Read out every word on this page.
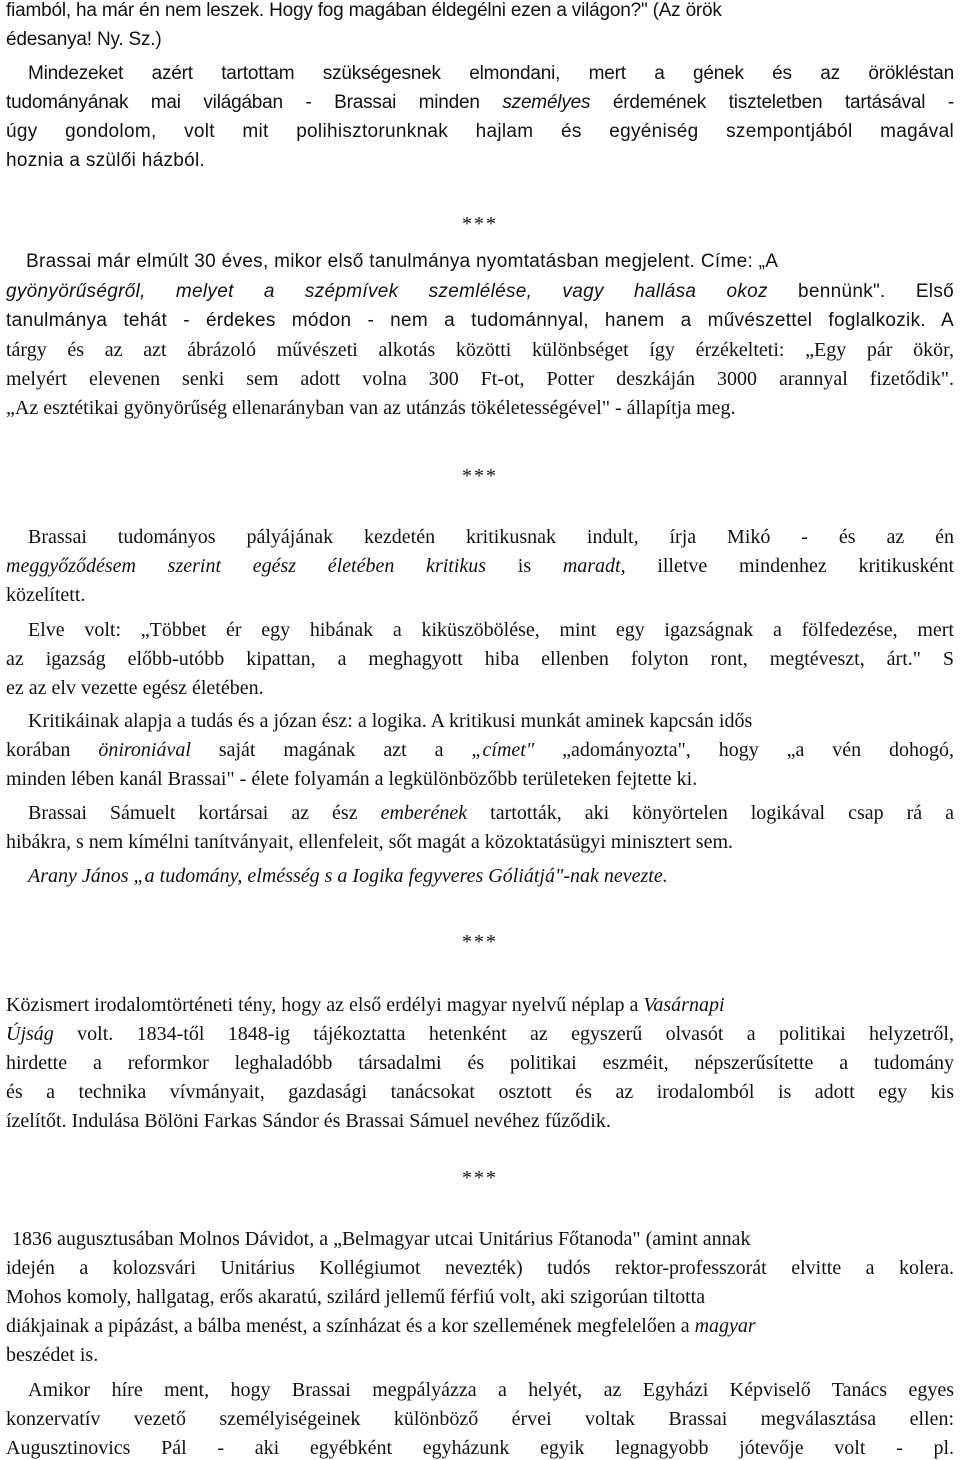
fiamból, ha már én nem leszek. Hogy fog magában éldegélni ezen a világon?" (Az örök
édesanya! Ny. Sz.)
Mindezeket azért tartottam szükségesnek elmondani, mert a gének és az örökléstan
tudományának mai világában - Brassai minden személyes érdemének tiszteletben tartásával -
úgy gondolom, volt mit polihisztorunknak hajlam és egyéniség szempontjából magával
hoznia a szülői házból.
***
Brassai már elmúlt 30 éves, mikor első tanulmánya nyomtatásban megjelent. Címe: „A
gyönyörűségről, melyet a szépmívek szemlélése, vagy hallása okoz bennünk". Első
tanulmánya tehát - érdekes módon - nem a tudománnyal, hanem a művészettel foglalkozik. A
tárgy és az azt ábrázoló művészeti alkotás közötti különbséget így érzékelteti: „Egy pár ökör,
melyért elevenen senki sem adott volna 300 Ft-ot, Potter deszkáján 3000 arannyal fizetődik".
„Az esztétikai gyönyörűség ellenarányban van az utánzás tökéletességével" - állapítja meg.
***
Brassai tudományos pályájának kezdetén kritikusnak indult, írja Mikó - és az én
meggyőződésem szerint egész életében kritikus is maradt, illetve mindenhez kritikusként
közelített.
Elve volt: „Többet ér egy hibának a kiküszöbölése, mint egy igazságnak a fölfedezése, mert
az igazság előbb-utóbb kipattan, a meghagyott hiba ellenben folyton ront, megtéveszt, árt." S
ez az elv vezette egész életében.
Kritikáinak alapja a tudás és a józan ész: a logika. A kritikusi munkát aminek kapcsán idős
korában önironiával saját magának azt a „címet" „adományozta", hogy „a vén dohogó,
minden lében kanál Brassai" - élete folyamán a legkülönbözőbb területeken fejtette ki.
Brassai Sámuelt kortársai az ész emberének tartották, aki könyörtelen logikával csap rá a
hibákra, s nem kímélni tanítványait, ellenfeleit, sőt magát a közoktatásügyi minisztert sem.
Arany János „a tudomány, elmésség s a Iogika fegyveres Góliátjá"-nak nevezte.
***
Közismert irodalomtörténeti tény, hogy az első erdélyi magyar nyelvű néplap a Vasárnapi
Újság volt. 1834-től 1848-ig tájékoztatta hetenként az egyszerű olvasót a politikai helyzetről,
hirdette a reformkor leghaladóbb társadalmi és politikai eszméit, népszerűsítette a tudomány
és a technika vívmányait, gazdasági tanácsokat osztott és az irodalomból is adott egy kis
ízelítőt. Indulása Bölöni Farkas Sándor és Brassai Sámuel nevéhez fűződik.
***
1836 augusztusában Molnos Dávidot, a „Belmagyar utcai Unitárius Főtanoda" (amint annak
idején a kolozsvári Unitárius Kollégiumot nevezték) tudós rektor-professzorát elvitte a kolera.
Mohos komoly, hallgatag, erős akaratú, szilárd jellemű férfiú volt, aki szigorúan tiltotta
diákjainak a pipázást, a bálba menést, a színházat és a kor szellemének megfelelően a magyar
beszédet is.
Amikor híre ment, hogy Brassai megpályázza a helyét, az Egyházi Képviselő Tanács egyes
konzervatív vezető személyiségeinek különböző érvei voltak Brassai megválasztása ellen:
Augusztinovics Pál - aki egyébként egyházunk egyik legnagyobb jótevője volt - pl.
